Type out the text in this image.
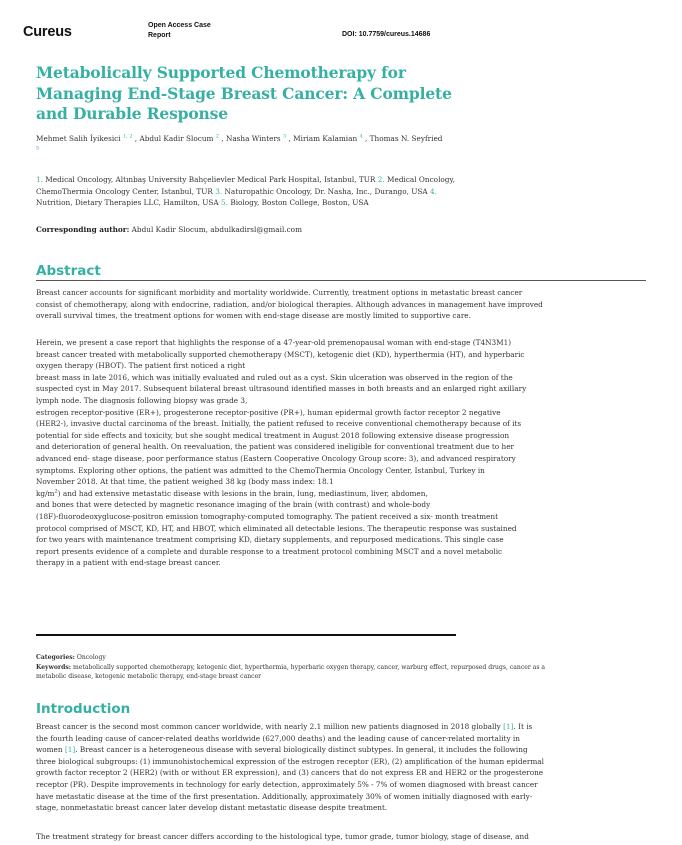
Cureus	Open Access Case
Report	DOI: 10.7759/cureus.14686
Metabolically Supported Chemotherapy for Managing End-Stage Breast Cancer: A Complete and Durable Response
Mehmet Salih İyikesici $^{1, 2}$ , Abdul Kadir Slocum $^2$ , Nasha Winters $^3$ , Miriam Kalamian $^4$ , Thomas N. Seyfried $^5$
1. Medical Oncology, Altınbaş University Bahçelievler Medical Park Hospital, Istanbul, TUR 2. Medical Oncology, ChemoThermia Oncology Center, Istanbul, TUR 3. Naturopathic Oncology, Dr. Nasha, Inc., Durango, USA 4. Nutrition, Dietary Therapies LLC, Hamilton, USA 5. Biology, Boston College, Boston, USA
Corresponding author: Abdul Kadir Slocum, abdulkadirsl@gmail.com
Abstract
Breast cancer accounts for significant morbidity and mortality worldwide. Currently, treatment options in metastatic breast cancer consist of chemotherapy, along with endocrine, radiation, and/or biological therapies. Although advances in management have improved overall survival times, the treatment options for women with end-stage disease are mostly limited to supportive care.
Herein, we present a case report that highlights the response of a 47-year-old premenopausal woman with end-stage (T4N3M1)
breast cancer treated with metabolically supported chemotherapy (MSCT), ketogenic diet (KD), hyperthermia (HT), and hyperbaric
oxygen therapy (HBOT). The patient first noticed a right
breast mass in late 2016, which was initially evaluated and ruled out as a cyst. Skin ulceration was observed in the region of the
suspected cyst in May 2017. Subsequent bilateral breast ultrasound identified masses in both breasts and an enlarged right axillary
lymph node. The diagnosis following biopsy was grade 3,
estrogen receptor-positive (ER+), progesterone receptor-positive (PR+), human epidermal growth factor receptor 2 negative
(HER2-), invasive ductal carcinoma of the breast. Initially, the patient refused to receive conventional chemotherapy because of its
potential for side effects and toxicity, but she sought medical treatment in August 2018 following extensive disease progression
and deterioration of general health. On reevaluation, the patient was considered ineligible for conventional treatment due to her
advanced end- stage disease, poor performance status (Eastern Cooperative Oncology Group score: 3), and advanced respiratory
symptoms. Exploring other options, the patient was admitted to the ChemoThermia Oncology Center, Istanbul, Turkey in
November 2018. At that time, the patient weighed 38 kg (body mass index: 18.1
$kg/m^2$) and had extensive metastatic disease with lesions in the brain, lung, mediastinum, liver, abdomen,
and bones that were detected by magnetic resonance imaging of the brain (with contrast) and whole-body
(18F)-fluorodeoxyglucose-positron emission tomography-computed tomography. The patient received a six- month treatment
protocol comprised of MSCT, KD, HT, and HBOT, which eliminated all detectable lesions. The therapeutic response was sustained
for two years with maintenance treatment comprising KD, dietary supplements, and repurposed medications. This single case
report presents evidence of a complete and durable response to a treatment protocol combining MSCT and a novel metabolic
therapy in a patient with end-stage breast cancer.
Categories: Oncology
Keywords: metabolically supported chemotherapy, ketogenic diet, hyperthermia, hyperbaric oxygen therapy, cancer, warburg effect, repurposed drugs, cancer as a metabolic disease, ketogenic metabolic therapy, end-stage breast cancer
Introduction
Breast cancer is the second most common cancer worldwide, with nearly 2.1 million new patients diagnosed in 2018 globally [1]. It is the fourth leading cause of cancer-related deaths worldwide (627,000 deaths) and the leading cause of cancer-related mortality in women [1]. Breast cancer is a heterogeneous disease with several biologically distinct subtypes. In general, it includes the following three biological subgroups: (1) immunohistochemical expression of the estrogen receptor (ER), (2) amplification of the human epidermal growth factor receptor 2 (HER2) (with or without ER expression), and (3) cancers that do not express ER and HER2 or the progesterone receptor (PR). Despite improvements in technology for early detection, approximately 5% - 7% of women diagnosed with breast cancer have metastatic disease at the time of the first presentation. Additionally, approximately 30% of women initially diagnosed with early-stage, nonmetastatic breast cancer later develop distant metastatic disease despite treatment.
The treatment strategy for breast cancer differs according to the histological type, tumor grade, tumor biology, stage of disease, and
